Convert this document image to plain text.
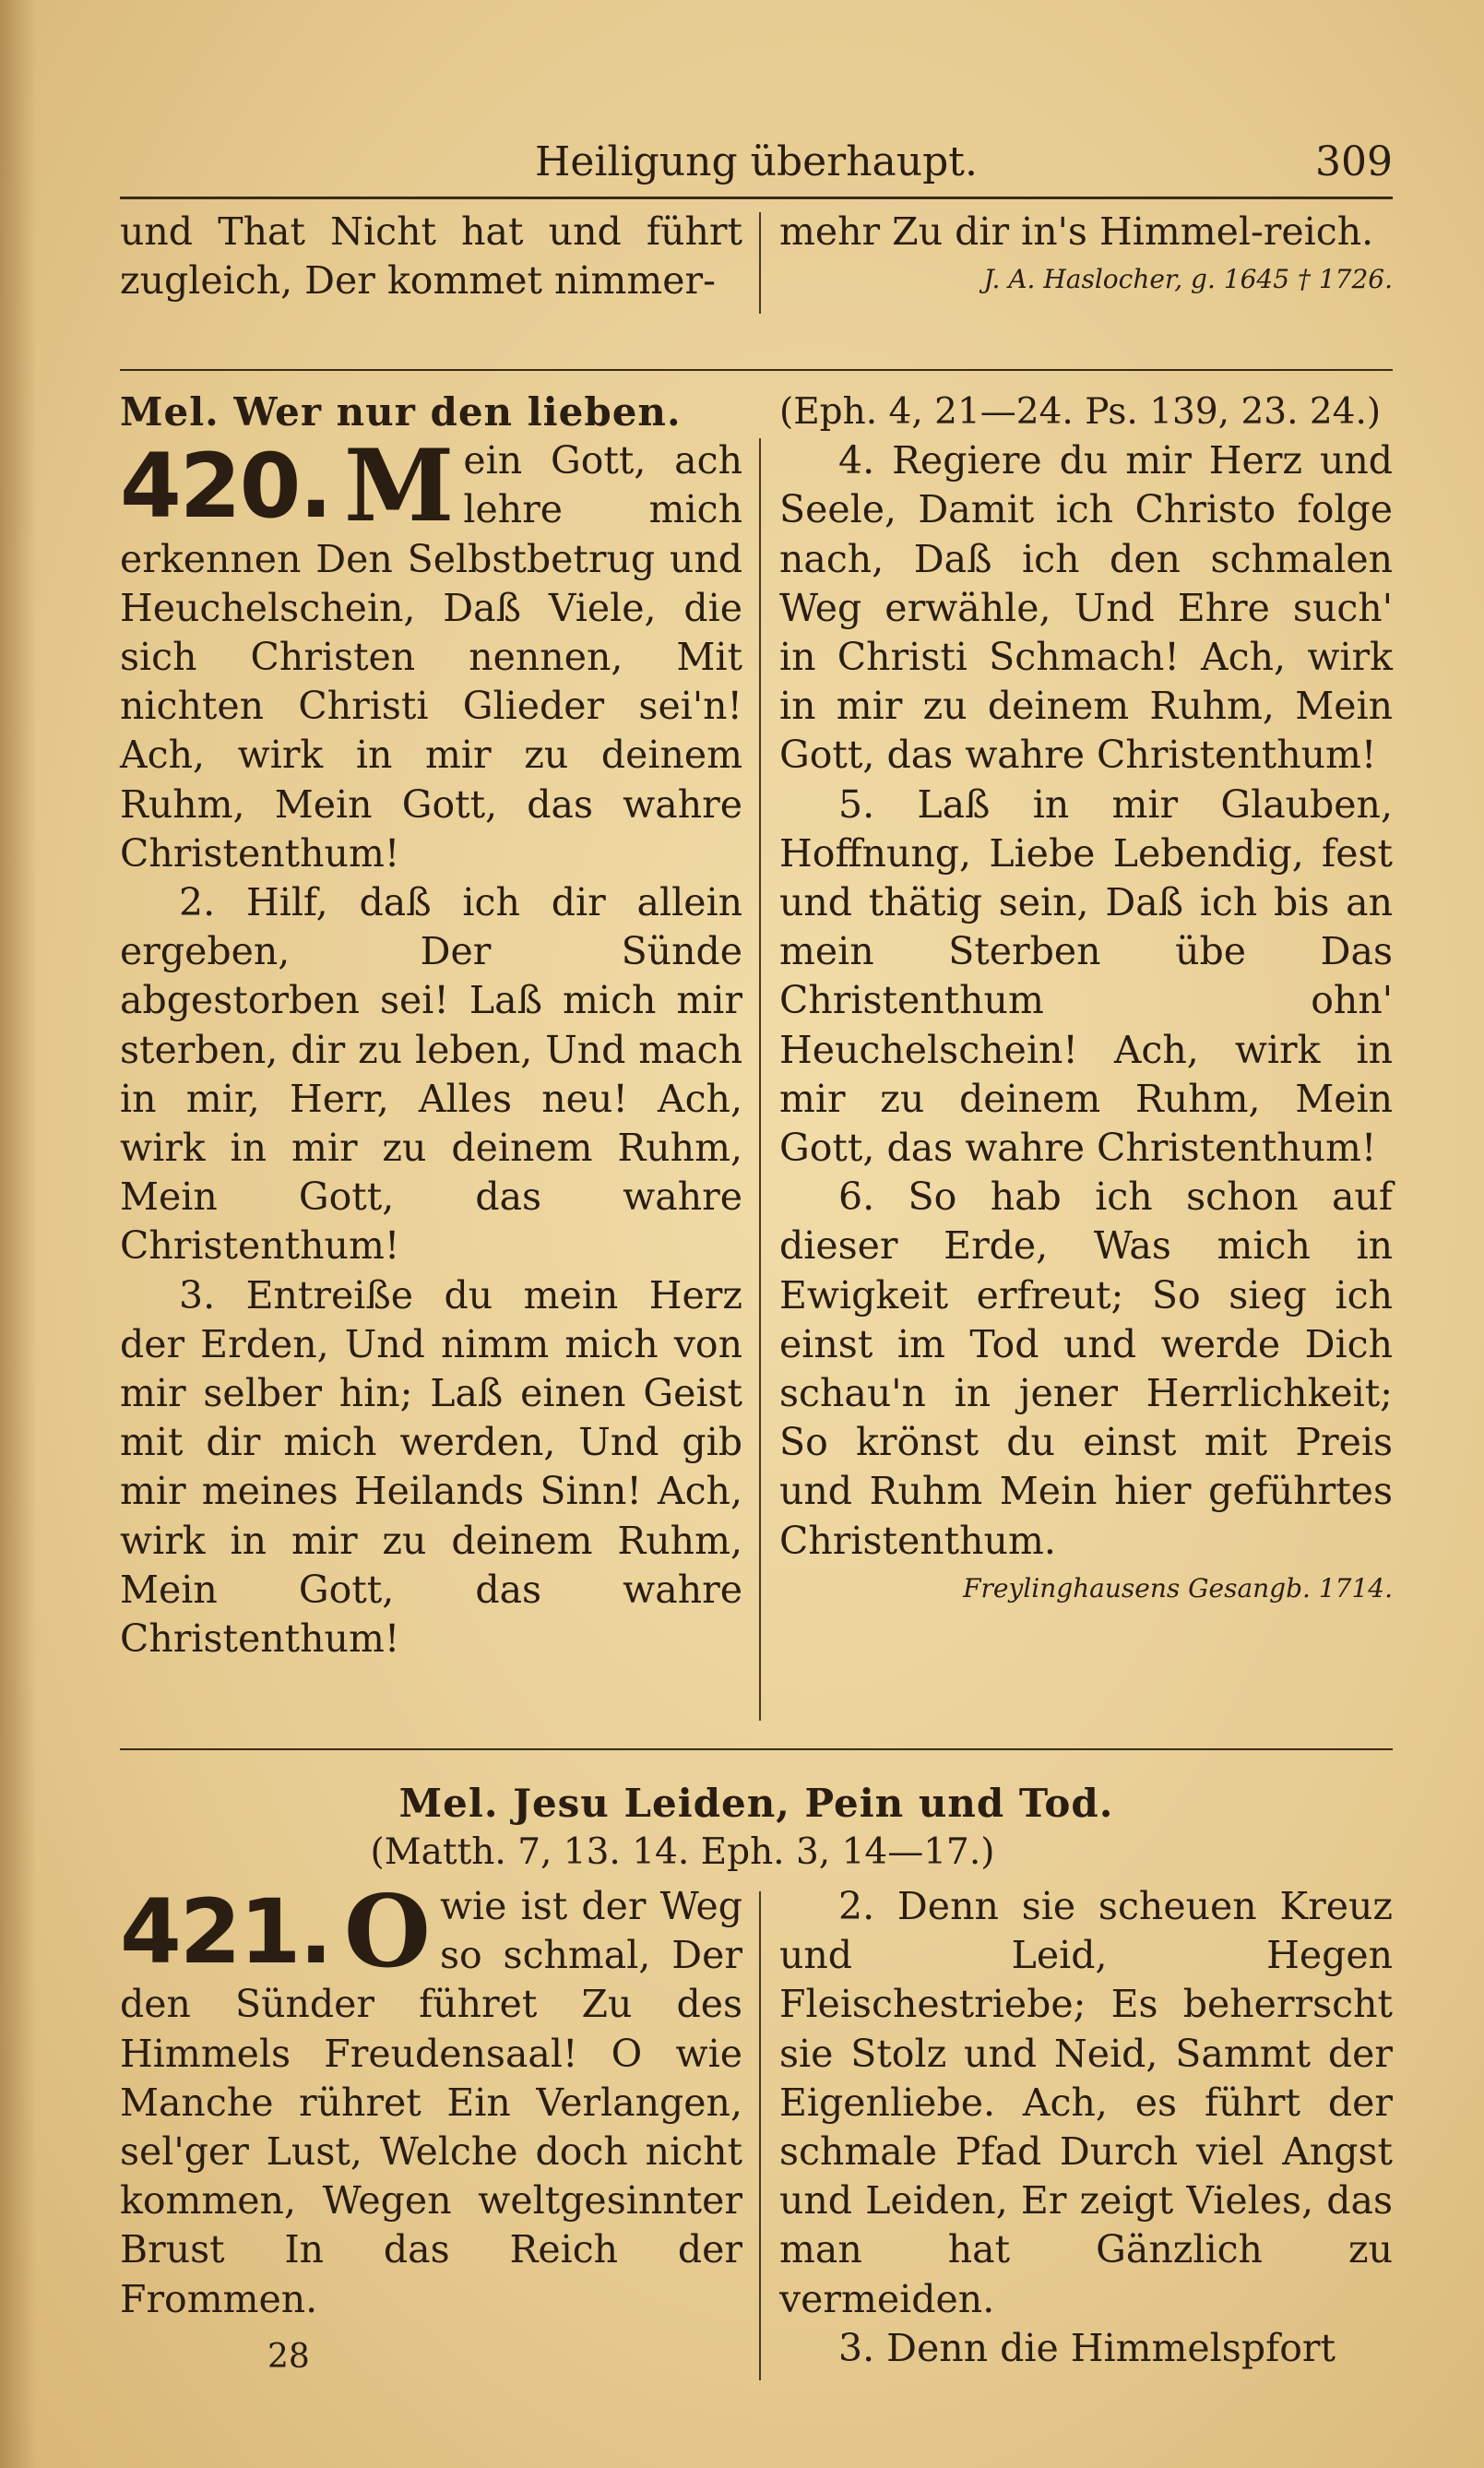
Heiligung überhaupt.	309

und That Nicht hat und führt zugleich, Der kommet nimmer-

mehr Zu dir in's Himmel-reich.

J. A. Haslocher, g. 1645 † 1726.

Mel. Wer nur den lieben.

420. M ein Gott, ach lehre mich erkennen Den Selbstbetrug und Heuchelschein, Daß Viele, die sich Christen nennen, Mit nichten Christi Glieder sei'n! Ach, wirk in mir zu deinem Ruhm, Mein Gott, das wahre Christenthum!

2. Hilf, daß ich dir allein ergeben, Der Sünde abgestorben sei! Laß mich mir sterben, dir zu leben, Und mach in mir, Herr, Alles neu! Ach, wirk in mir zu deinem Ruhm, Mein Gott, das wahre Christenthum!

3. Entreiße du mein Herz der Erden, Und nimm mich von mir selber hin; Laß einen Geist mit dir mich werden, Und gib mir meines Heilands Sinn! Ach, wirk in mir zu deinem Ruhm, Mein Gott, das wahre Christenthum!

(Eph. 4, 21—24. Ps. 139, 23. 24.)

4. Regiere du mir Herz und Seele, Damit ich Christo folge nach, Daß ich den schmalen Weg erwähle, Und Ehre such' in Christi Schmach! Ach, wirk in mir zu deinem Ruhm, Mein Gott, das wahre Christenthum!

5. Laß in mir Glauben, Hoffnung, Liebe Lebendig, fest und thätig sein, Daß ich bis an mein Sterben übe Das Christenthum ohn' Heuchelschein! Ach, wirk in mir zu deinem Ruhm, Mein Gott, das wahre Christenthum!

6. So hab ich schon auf dieser Erde, Was mich in Ewigkeit erfreut; So sieg ich einst im Tod und werde Dich schau'n in jener Herrlichkeit; So krönst du einst mit Preis und Ruhm Mein hier geführtes Christenthum.

Freylinghausens Gesangb. 1714.

Mel. Jesu Leiden, Pein und Tod.
(Matth. 7, 13. 14. Eph. 3, 14—17.)

421. O wie ist der Weg so schmal, Der den Sünder führet Zu des Himmels Freudensaal! O wie Manche rühret Ein Verlangen, sel'ger Lust, Welche doch nicht kommen, Wegen weltgesinnter Brust In das Reich der Frommen.

2. Denn sie scheuen Kreuz und Leid, Hegen Fleischestriebe; Es beherrscht sie Stolz und Neid, Sammt der Eigenliebe. Ach, es führt der schmale Pfad Durch viel Angst und Leiden, Er zeigt Vieles, das man hat Gänzlich zu vermeiden.

3. Denn die Himmelspfort

28
